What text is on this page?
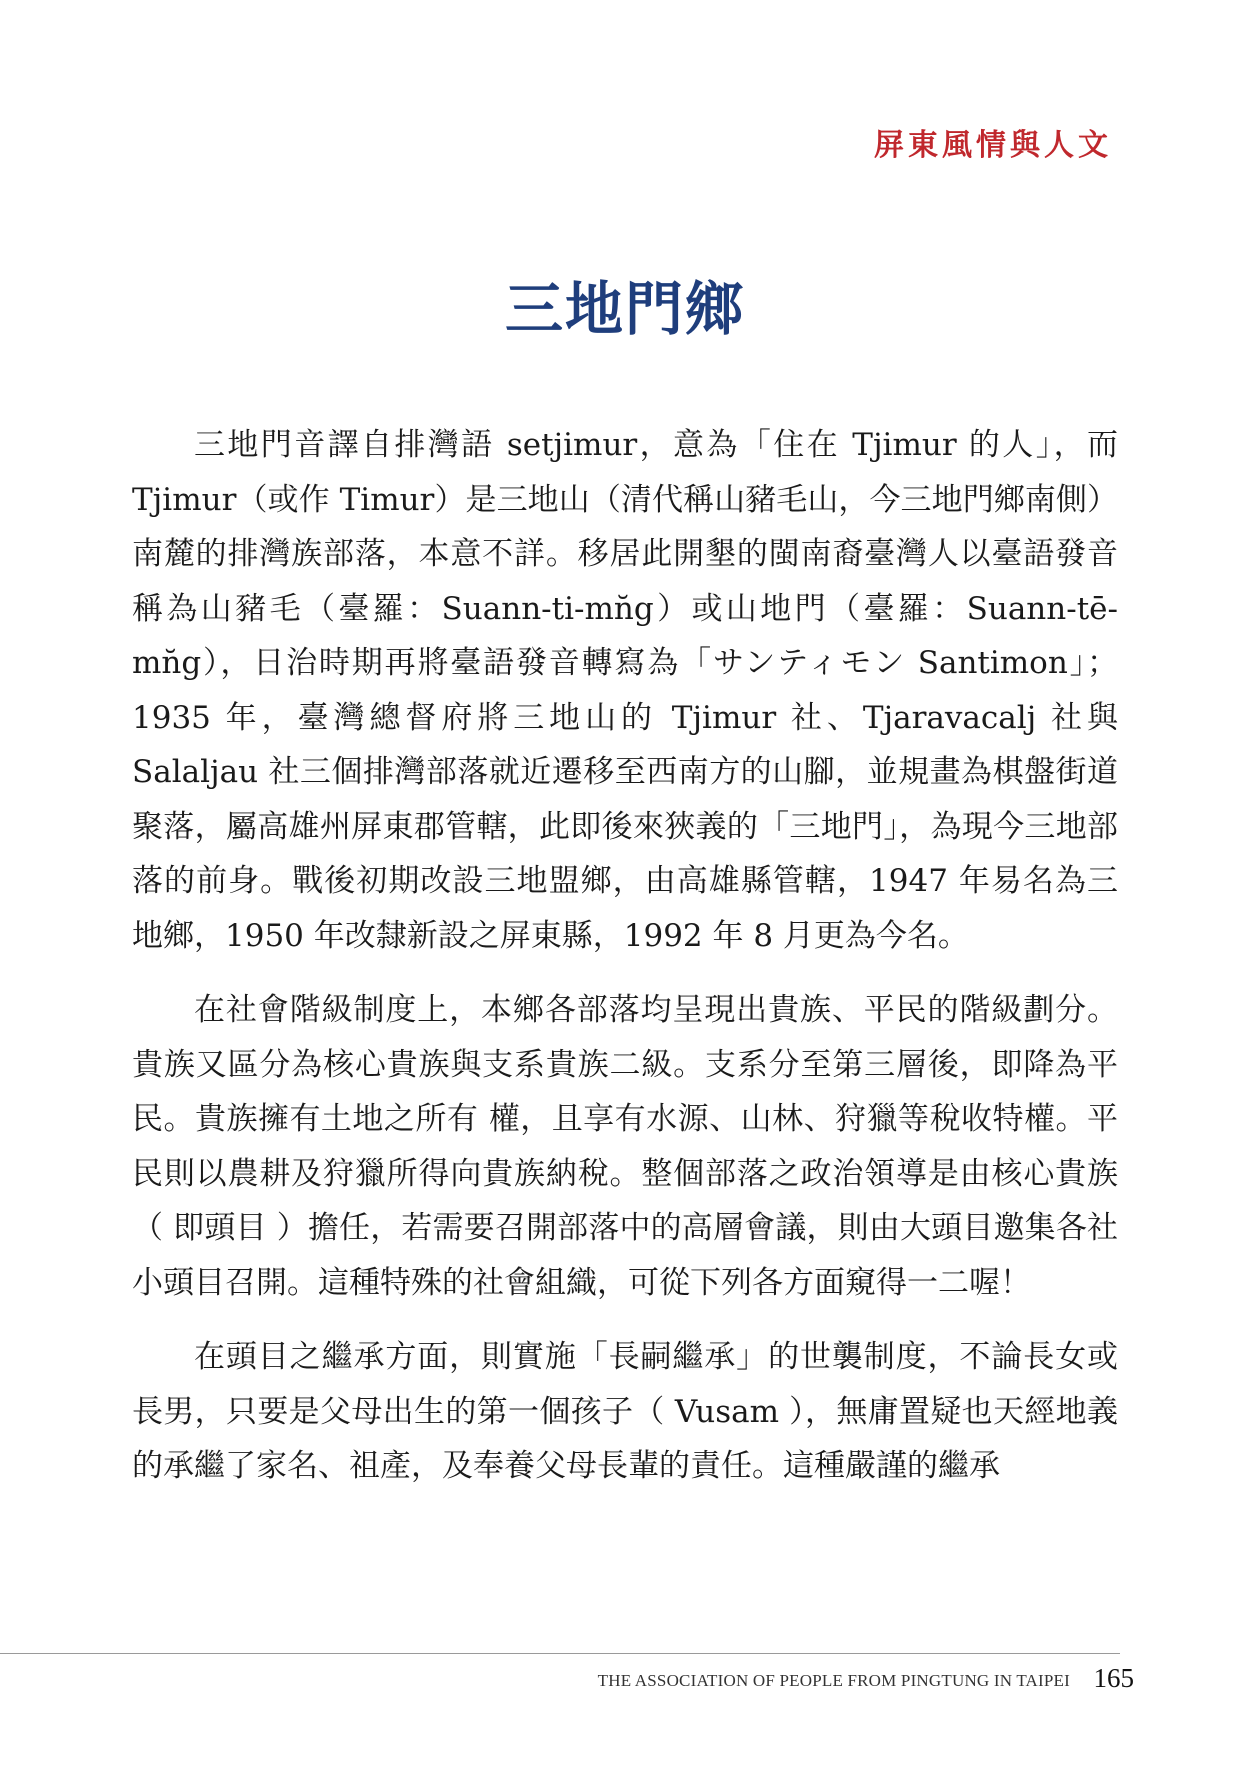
屏東風情與人文
三地門鄉

三地門音譯自排灣語 setjimur，意為「住在 Tjimur 的人」，而 Tjimur（或作 Timur）是三地山（清代稱山豬毛山，今三地門鄉南側）南麓的排灣族部落，本意不詳。移居此開墾的閩南裔臺灣人以臺語發音稱為山豬毛（臺羅：Suann-ti-mn̆g）或山地門（臺羅：Suann-tē-mn̆g），日治時期再將臺語發音轉寫為「サンティモン Santimon」；1935 年，臺灣總督府將三地山的 Tjimur 社、Tjaravacalj 社與 Salaljau 社三個排灣部落就近遷移至西南方的山腳，並規畫為棋盤街道聚落，屬高雄州屏東郡管轄，此即後來狹義的「三地門」，為現今三地部落的前身。戰後初期改設三地盟鄉，由高雄縣管轄，1947 年易名為三地鄉，1950 年改隸新設之屏東縣，1992 年 8 月更為今名。

在社會階級制度上，本鄉各部落均呈現出貴族、平民的階級劃分。貴族又區分為核心貴族與支系貴族二級。支系分至第三層後，即降為平民。貴族擁有土地之所有 權，且享有水源、山林、狩獵等稅收特權。平民則以農耕及狩獵所得向貴族納稅。整個部落之政治領導是由核心貴族（ 即頭目 ）擔任，若需要召開部落中的高層會議，則由大頭目邀集各社小頭目召開。這種特殊的社會組織，可從下列各方面窺得一二喔！

在頭目之繼承方面，則實施「長嗣繼承」的世襲制度，不論長女或長男，只要是父母出生的第一個孩子（ Vusam ），無庸置疑也天經地義的承繼了家名、祖產，及奉養父母長輩的責任。這種嚴謹的繼承

THE ASSOCIATION OF PEOPLE FROM PINGTUNG IN TAIPEI 165
